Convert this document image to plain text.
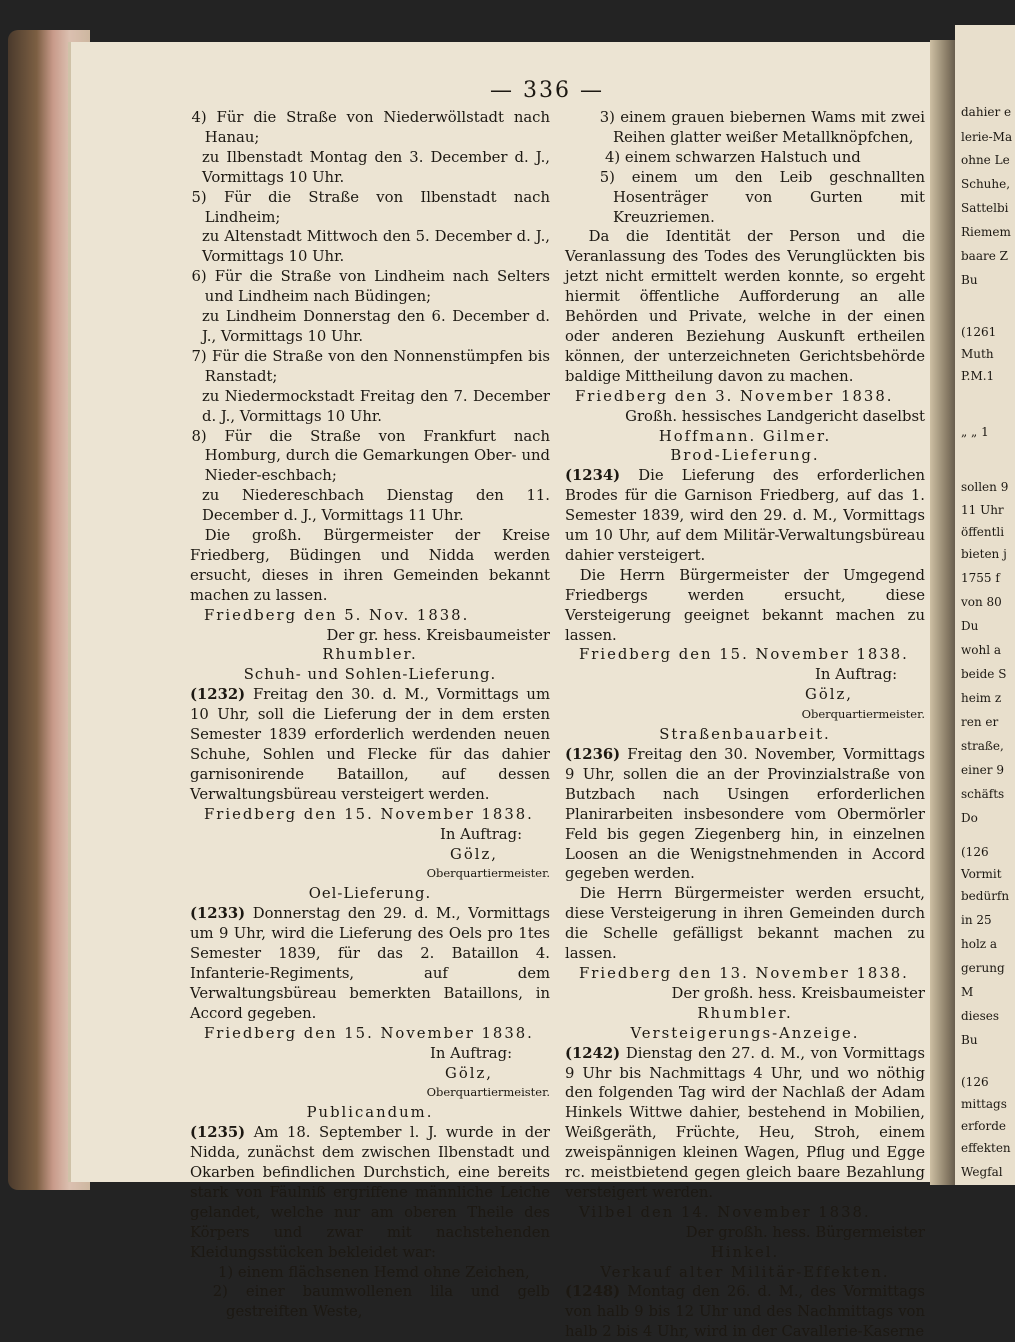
dahier e
lerie-Ma
ohne Le
Schuhe,
Sattelbi
Riemem
baare Z
Bu
(1261
Muth
P.M.1
„ „ 1
sollen 9
11 Uhr
öffentli
bieten j
1755 f
von 80
Du
wohl a
beide S
heim z
ren er
straße,
einer 9
schäfts
Do
(126
Vormit
bedürfn
in 25
holz a
gerung
M
dieses
Bu
(126
mittags
erforde
effekten
Wegfal
— 336 —

4) Für die Straße von Niederwöllstadt nach Hanau;

zu Ilbenstadt Montag den 3. December d. J., Vormittags 10 Uhr.

5) Für die Straße von Ilbenstadt nach Lindheim;

zu Altenstadt Mittwoch den 5. December d. J., Vormittags 10 Uhr.

6) Für die Straße von Lindheim nach Selters und Lindheim nach Büdingen;

zu Lindheim Donnerstag den 6. December d. J., Vormittags 10 Uhr.

7) Für die Straße von den Nonnenstümpfen bis Ranstadt;

zu Niedermockstadt Freitag den 7. December d. J., Vormittags 10 Uhr.

8) Für die Straße von Frankfurt nach Homburg, durch die Gemarkungen Ober- und Nieder-eschbach;

zu Niedereschbach Dienstag den 11. December d. J., Vormittags 11 Uhr.

Die großh. Bürgermeister der Kreise Friedberg, Büdingen und Nidda werden ersucht, dieses in ihren Gemeinden bekannt machen zu lassen.

Friedberg den 5. Nov. 1838.

Der gr. hess. Kreisbaumeister

Rhumbler.

Schuh- und Sohlen-Lieferung.

(1232) Freitag den 30. d. M., Vormittags um 10 Uhr, soll die Lieferung der in dem ersten Semester 1839 erforderlich werdenden neuen Schuhe, Sohlen und Flecke für das dahier garnisonirende Bataillon, auf dessen Verwaltungsbüreau versteigert werden.

Friedberg den 15. November 1838.

In Auftrag:

Gölz,

Oberquartiermeister.

Oel-Lieferung.

(1233) Donnerstag den 29. d. M., Vormittags um 9 Uhr, wird die Lieferung des Oels pro 1tes Semester 1839, für das 2. Bataillon 4. Infanterie-Regiments, auf dem Verwaltungsbüreau bemerkten Bataillons, in Accord gegeben.

Friedberg den 15. November 1838.

In Auftrag:

Gölz,

Oberquartiermeister.

Publicandum.

(1235) Am 18. September l. J. wurde in der Nidda, zunächst dem zwischen Ilbenstadt und Okarben befindlichen Durchstich, eine bereits stark von Fäulniß ergriffene männliche Leiche gelandet, welche nur am oberen Theile des Körpers und zwar mit nachstehenden Kleidungsstücken bekleidet war:

1) einem flächsenen Hemd ohne Zeichen,

2) einer baumwollenen lila und gelb gestreiften Weste,

3) einem grauen biebernen Wams mit zwei Reihen glatter weißer Metallknöpfchen,

4) einem schwarzen Halstuch und

5) einem um den Leib geschnallten Hosenträger von Gurten mit Kreuzriemen.

Da die Identität der Person und die Veranlassung des Todes des Verunglückten bis jetzt nicht ermittelt werden konnte, so ergeht hiermit öffentliche Aufforderung an alle Behörden und Private, welche in der einen oder anderen Beziehung Auskunft ertheilen können, der unterzeichneten Gerichtsbehörde baldige Mittheilung davon zu machen.

Friedberg den 3. November 1838.

Großh. hessisches Landgericht daselbst

Hoffmann. Gilmer.

Brod-Lieferung.

(1234) Die Lieferung des erforderlichen Brodes für die Garnison Friedberg, auf das 1. Semester 1839, wird den 29. d. M., Vormittags um 10 Uhr, auf dem Militär-Verwaltungsbüreau dahier versteigert.

Die Herrn Bürgermeister der Umgegend Friedbergs werden ersucht, diese Versteigerung geeignet bekannt machen zu lassen.

Friedberg den 15. November 1838.

In Auftrag:

Gölz,

Oberquartiermeister.

Straßenbauarbeit.

(1236) Freitag den 30. November, Vormittags 9 Uhr, sollen die an der Provinzialstraße von Butzbach nach Usingen erforderlichen Planirarbeiten insbesondere vom Obermörler Feld bis gegen Ziegenberg hin, in einzelnen Loosen an die Wenigstnehmenden in Accord gegeben werden.

Die Herrn Bürgermeister werden ersucht, diese Versteigerung in ihren Gemeinden durch die Schelle gefälligst bekannt machen zu lassen.

Friedberg den 13. November 1838.

Der großh. hess. Kreisbaumeister

Rhumbler.

Versteigerungs-Anzeige.

(1242) Dienstag den 27. d. M., von Vormittags 9 Uhr bis Nachmittags 4 Uhr, und wo nöthig den folgenden Tag wird der Nachlaß der Adam Hinkels Wittwe dahier, bestehend in Mobilien, Weißgeräth, Früchte, Heu, Stroh, einem zweispännigen kleinen Wagen, Pflug und Egge rc. meistbietend gegen gleich baare Bezahlung versteigert werden.

Vilbel den 14. November 1838.

Der großh. hess. Bürgermeister

Hinkel.

Verkauf alter Militär-Effekten.

(1248) Montag den 26. d. M., des Vormittags von halb 9 bis 12 Uhr und des Nachmittags von halb 2 bis 4 Uhr, wird in der Cavallerie-Kaserne
